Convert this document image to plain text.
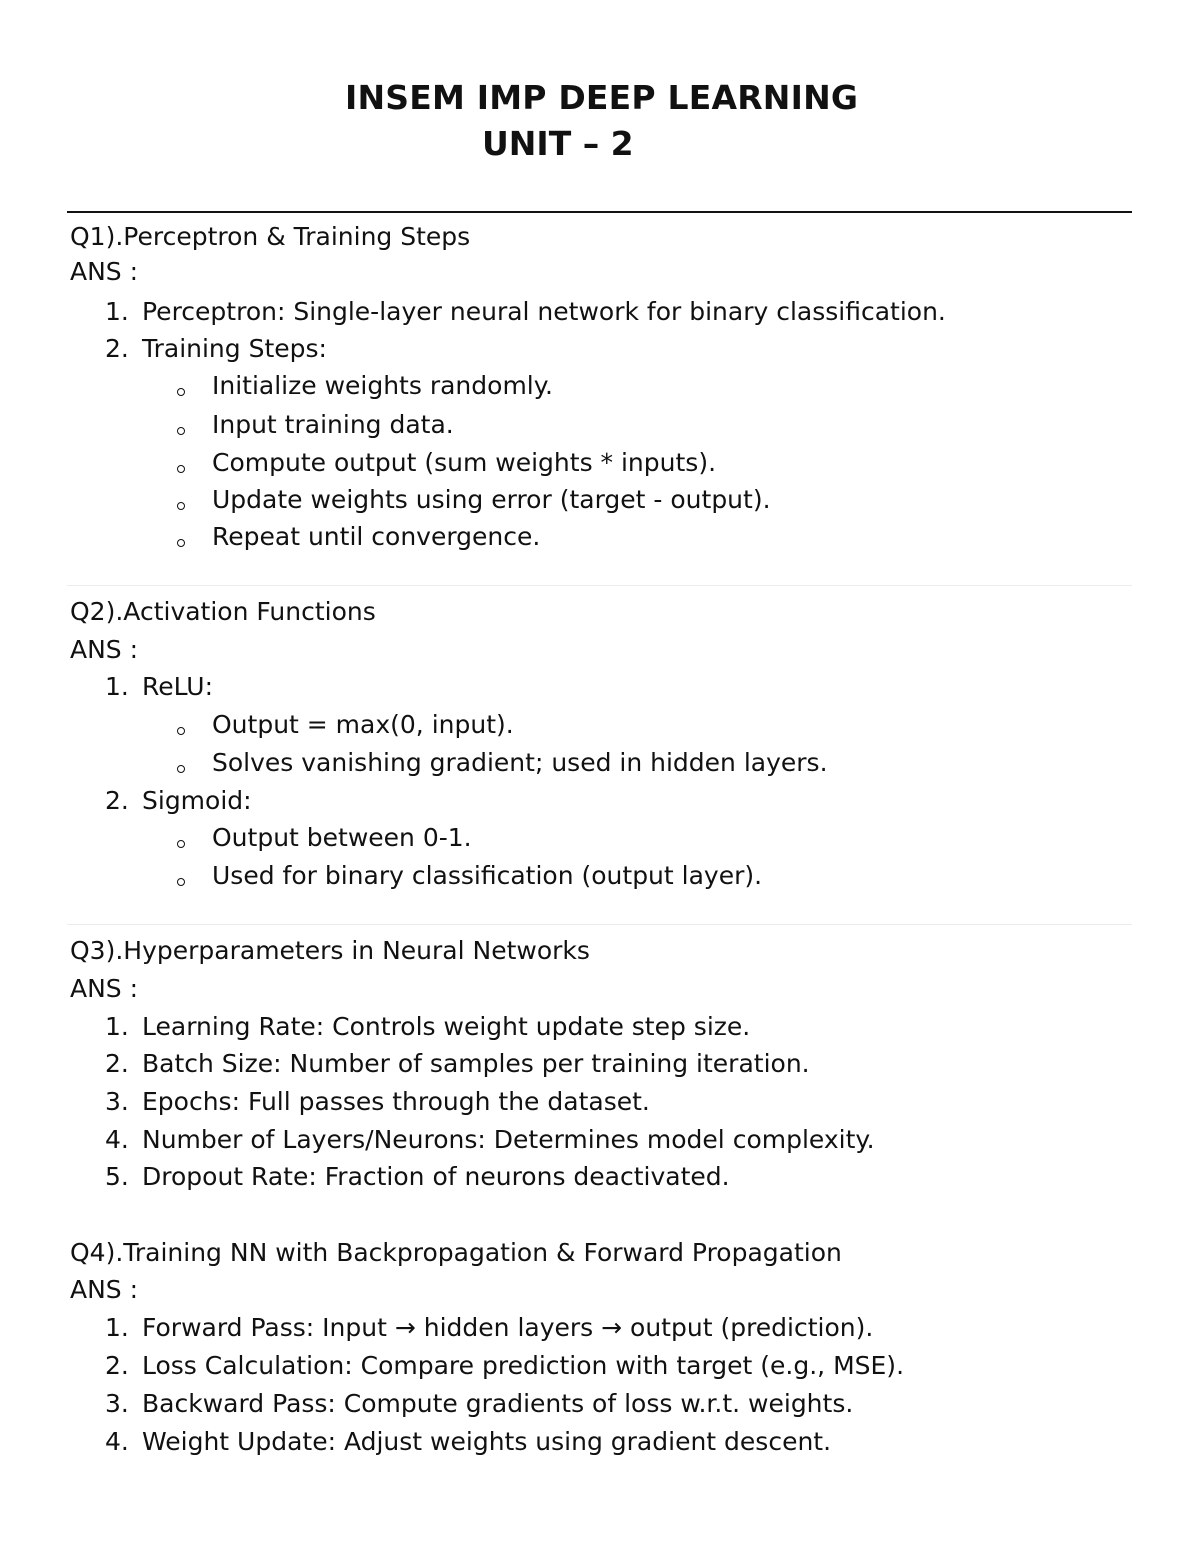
INSEM IMP DEEP LEARNING
UNIT – 2
Q1).Perceptron & Training Steps
ANS :
1. Perceptron: Single-layer neural network for binary classification.
2. Training Steps:
Initialize weights randomly.
Input training data.
Compute output (sum weights * inputs).
Update weights using error (target - output).
Repeat until convergence.
Q2).Activation Functions
ANS :
1. ReLU:
Output = max(0, input).
Solves vanishing gradient; used in hidden layers.
2. Sigmoid:
Output between 0-1.
Used for binary classification (output layer).
Q3).Hyperparameters in Neural Networks
ANS :
1. Learning Rate: Controls weight update step size.
2. Batch Size: Number of samples per training iteration.
3. Epochs: Full passes through the dataset.
4. Number of Layers/Neurons: Determines model complexity.
5. Dropout Rate: Fraction of neurons deactivated.
Q4).Training NN with Backpropagation & Forward Propagation
ANS :
1. Forward Pass: Input → hidden layers → output (prediction).
2. Loss Calculation: Compare prediction with target (e.g., MSE).
3. Backward Pass: Compute gradients of loss w.r.t. weights.
4. Weight Update: Adjust weights using gradient descent.
